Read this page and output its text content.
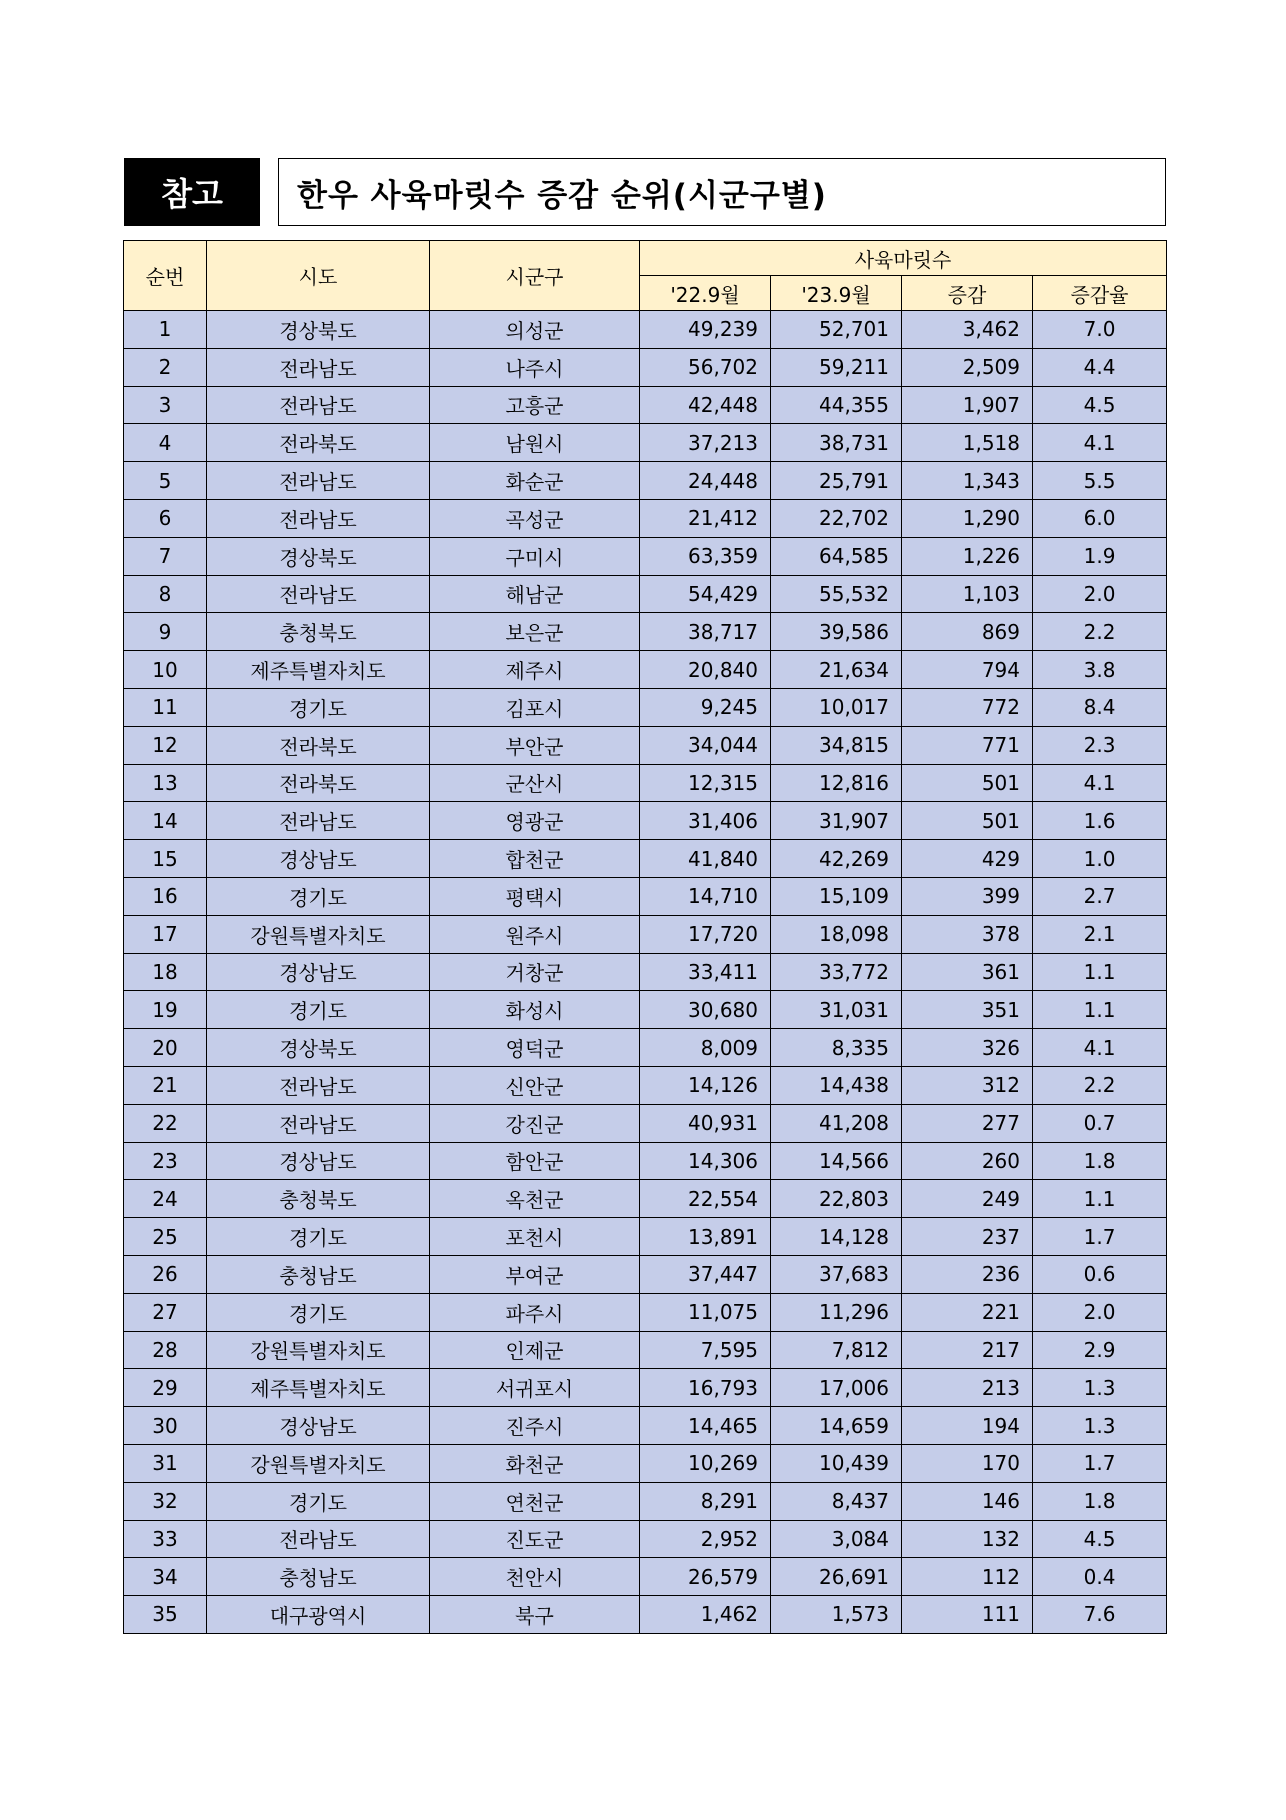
참고	한우 사육마릿수 증감 순위(시군구별)
순번	시도	시군구	사육마릿수			
			'22.9월	'23.9월	증감	증감율
1	경상북도	의성군	49,239	52,701	3,462	7.0
2	전라남도	나주시	56,702	59,211	2,509	4.4
3	전라남도	고흥군	42,448	44,355	1,907	4.5
4	전라북도	남원시	37,213	38,731	1,518	4.1
5	전라남도	화순군	24,448	25,791	1,343	5.5
6	전라남도	곡성군	21,412	22,702	1,290	6.0
7	경상북도	구미시	63,359	64,585	1,226	1.9
8	전라남도	해남군	54,429	55,532	1,103	2.0
9	충청북도	보은군	38,717	39,586	869	2.2
10	제주특별자치도	제주시	20,840	21,634	794	3.8
11	경기도	김포시	9,245	10,017	772	8.4
12	전라북도	부안군	34,044	34,815	771	2.3
13	전라북도	군산시	12,315	12,816	501	4.1
14	전라남도	영광군	31,406	31,907	501	1.6
15	경상남도	합천군	41,840	42,269	429	1.0
16	경기도	평택시	14,710	15,109	399	2.7
17	강원특별자치도	원주시	17,720	18,098	378	2.1
18	경상남도	거창군	33,411	33,772	361	1.1
19	경기도	화성시	30,680	31,031	351	1.1
20	경상북도	영덕군	8,009	8,335	326	4.1
21	전라남도	신안군	14,126	14,438	312	2.2
22	전라남도	강진군	40,931	41,208	277	0.7
23	경상남도	함안군	14,306	14,566	260	1.8
24	충청북도	옥천군	22,554	22,803	249	1.1
25	경기도	포천시	13,891	14,128	237	1.7
26	충청남도	부여군	37,447	37,683	236	0.6
27	경기도	파주시	11,075	11,296	221	2.0
28	강원특별자치도	인제군	7,595	7,812	217	2.9
29	제주특별자치도	서귀포시	16,793	17,006	213	1.3
30	경상남도	진주시	14,465	14,659	194	1.3
31	강원특별자치도	화천군	10,269	10,439	170	1.7
32	경기도	연천군	8,291	8,437	146	1.8
33	전라남도	진도군	2,952	3,084	132	4.5
34	충청남도	천안시	26,579	26,691	112	0.4
35	대구광역시	북구	1,462	1,573	111	7.6
